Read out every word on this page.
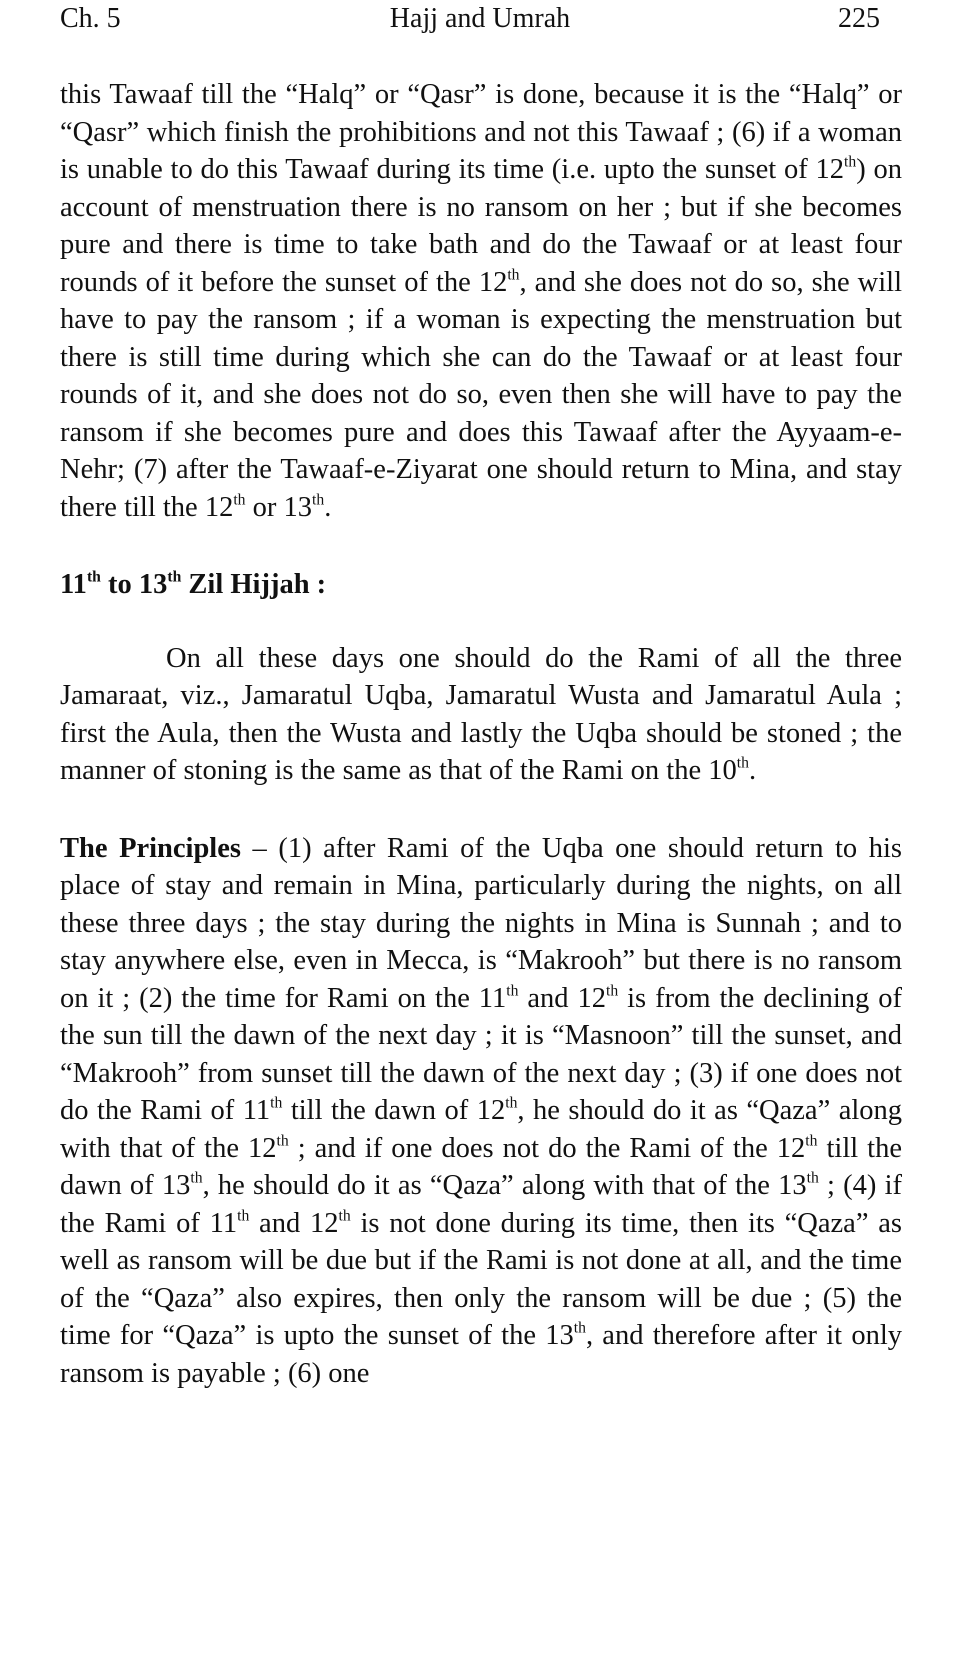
Ch. 5	Hajj and Umrah	225

this Tawaaf till the “Halq” or “Qasr” is done, because it is the “Halq” or “Qasr” which finish the prohibitions and not this Tawaaf ; (6) if a woman is unable to do this Tawaaf during its time (i.e. upto the sunset of 12th) on account of menstruation there is no ransom on her ; but if she becomes pure and there is time to take bath and do the Tawaaf or at least four rounds of it before the sunset of the 12th, and she does not do so, she will have to pay the ransom ; if a woman is expecting the menstruation but there is still time during which she can do the Tawaaf or at least four rounds of it, and she does not do so, even then she will have to pay the ransom if she becomes pure and does this Tawaaf after the Ayyaam-e-Nehr; (7) after the Tawaaf-e-Ziyarat one should return to Mina, and stay there till the 12th or 13th.

11th to 13th Zil Hijjah :

On all these days one should do the Rami of all the three Jamaraat, viz., Jamaratul Uqba, Jamaratul Wusta and Jamaratul Aula ; first the Aula, then the Wusta and lastly the Uqba should be stoned ; the manner of stoning is the same as that of the Rami on the 10th.

The Principles – (1) after Rami of the Uqba one should return to his place of stay and remain in Mina, particularly during the nights, on all these three days ; the stay during the nights in Mina is Sunnah ; and to stay anywhere else, even in Mecca, is “Makrooh” but there is no ransom on it ; (2) the time for Rami on the 11th and 12th is from the declining of the sun till the dawn of the next day ; it is “Masnoon” till the sunset, and “Makrooh” from sunset till the dawn of the next day ; (3) if one does not do the Rami of 11th till the dawn of 12th, he should do it as “Qaza” along with that of the 12th ; and if one does not do the Rami of the 12th till the dawn of 13th, he should do it as “Qaza” along with that of the 13th ; (4) if the Rami of 11th and 12th is not done during its time, then its “Qaza” as well as ransom will be due but if the Rami is not done at all, and the time of the “Qaza” also expires, then only the ransom will be due ; (5) the time for “Qaza” is upto the sunset of the 13th, and therefore after it only ransom is payable ; (6) one
